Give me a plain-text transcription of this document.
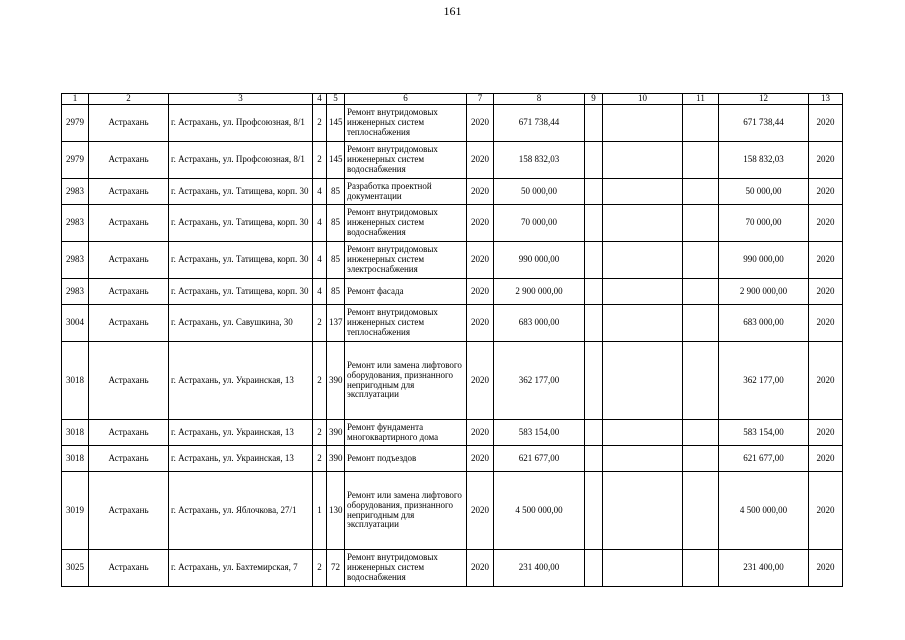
161
1	2	3	4	5	6	7	8	9	10	11	12	13
2979	Астрахань	г. Астрахань, ул. Профсоюзная, 8/1	2	145	Ремонт внутридомовых инженерных систем теплоснабжения	2020	671 738,44				671 738,44	2020
2979	Астрахань	г. Астрахань, ул. Профсоюзная, 8/1	2	145	Ремонт внутридомовых инженерных систем водоснабжения	2020	158 832,03				158 832,03	2020
2983	Астрахань	г. Астрахань, ул. Татищева, корп. 30	4	85	Разработка проектной документации	2020	50 000,00				50 000,00	2020
2983	Астрахань	г. Астрахань, ул. Татищева, корп. 30	4	85	Ремонт внутридомовых инженерных систем водоснабжения	2020	70 000,00				70 000,00	2020
2983	Астрахань	г. Астрахань, ул. Татищева, корп. 30	4	85	Ремонт внутридомовых инженерных систем электроснабжения	2020	990 000,00				990 000,00	2020
2983	Астрахань	г. Астрахань, ул. Татищева, корп. 30	4	85	Ремонт фасада	2020	2 900 000,00				2 900 000,00	2020
3004	Астрахань	г. Астрахань, ул. Савушкина, 30	2	137	Ремонт внутридомовых инженерных систем теплоснабжения	2020	683 000,00				683 000,00	2020
3018	Астрахань	г. Астрахань, ул. Украинская, 13	2	390	Ремонт или замена лифтового оборудования, признанного непригодным для эксплуатации	2020	362 177,00				362 177,00	2020
3018	Астрахань	г. Астрахань, ул. Украинская, 13	2	390	Ремонт фундамента многоквартирного дома	2020	583 154,00				583 154,00	2020
3018	Астрахань	г. Астрахань, ул. Украинская, 13	2	390	Ремонт подъездов	2020	621 677,00				621 677,00	2020
3019	Астрахань	г. Астрахань, ул. Яблочкова, 27/1	1	130	Ремонт или замена лифтового оборудования, признанного непригодным для эксплуатации	2020	4 500 000,00				4 500 000,00	2020
3025	Астрахань	г. Астрахань, ул. Бахтемирская, 7	2	72	Ремонт внутридомовых инженерных систем водоснабжения	2020	231 400,00				231 400,00	2020
